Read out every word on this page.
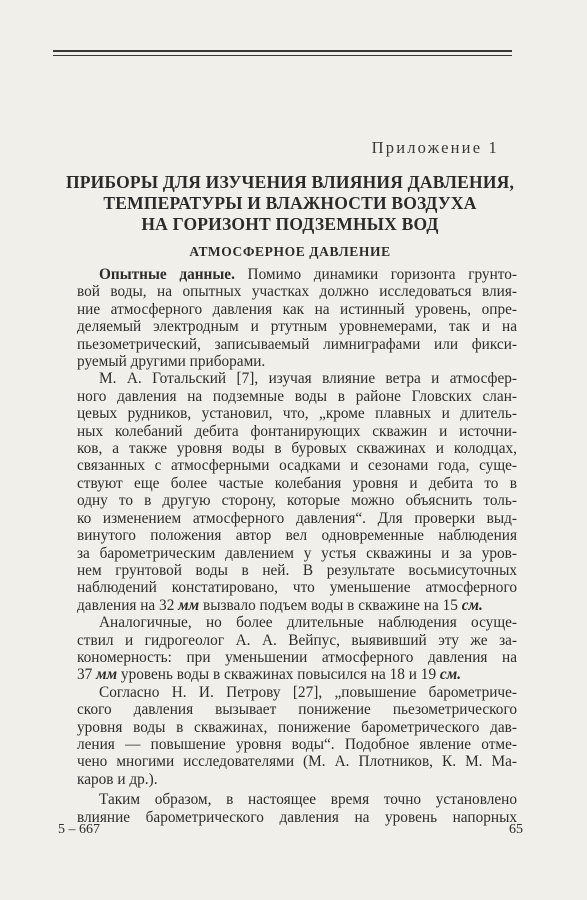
Приложение 1
ПРИБОРЫ ДЛЯ ИЗУЧЕНИЯ ВЛИЯНИЯ ДАВЛЕНИЯ,
ТЕМПЕРАТУРЫ И ВЛАЖНОСТИ ВОЗДУХА
НА ГОРИЗОНТ ПОДЗЕМНЫХ ВОД
АТМОСФЕРНОЕ ДАВЛЕНИЕ
Опытные данные. Помимо динамики горизонта грунто-
вой воды, на опытных участках должно исследоваться влия-
ние атмосферного давления как на истинный уровень, опре-
деляемый электродным и ртутным уровнемерами, так и на
пьезометрический, записываемый лимниграфами или фикси-
руемый другими приборами.
М. А. Готальский [7], изучая влияние ветра и атмосфер-
ного давления на подземные воды в районе Гловских слан-
цевых рудников, установил, что, „кроме плавных и длитель-
ных колебаний дебита фонтанирующих скважин и источни-
ков, а также уровня воды в буровых скважинах и колодцах,
связанных с атмосферными осадками и сезонами года, суще-
ствуют еще более частые колебания уровня и дебита то в
одну то в другую сторону, которые можно объяснить толь-
ко изменением атмосферного давления“. Для проверки выд-
винутого положения автор вел одновременные наблюдения
за барометрическим давлением у устья скважины и за уров-
нем грунтовой воды в ней. В результате восьмисуточных
наблюдений констатировано, что уменьшение атмосферного
давления на 32 мм вызвало подъем воды в скважине на 15 см.
Аналогичные, но более длительные наблюдения осуще-
ствил и гидрогеолог А. А. Вейпус, выявивший эту же за-
кономерность: при уменьшении атмосферного давления на
37 мм уровень воды в скважинах повысился на 18 и 19 см.
Согласно Н. И. Петрову [27], „повышение барометриче-
ского давления вызывает понижение пьезометрического
уровня воды в скважинах, понижение барометрического дав-
ления — повышение уровня воды“. Подобное явление отме-
чено многими исследователями (М. А. Плотников, К. М. Ма-
каров и др.).
Таким образом, в настоящее время точно установлено
влияние барометрического давления на уровень напорных
5 – 667	65
